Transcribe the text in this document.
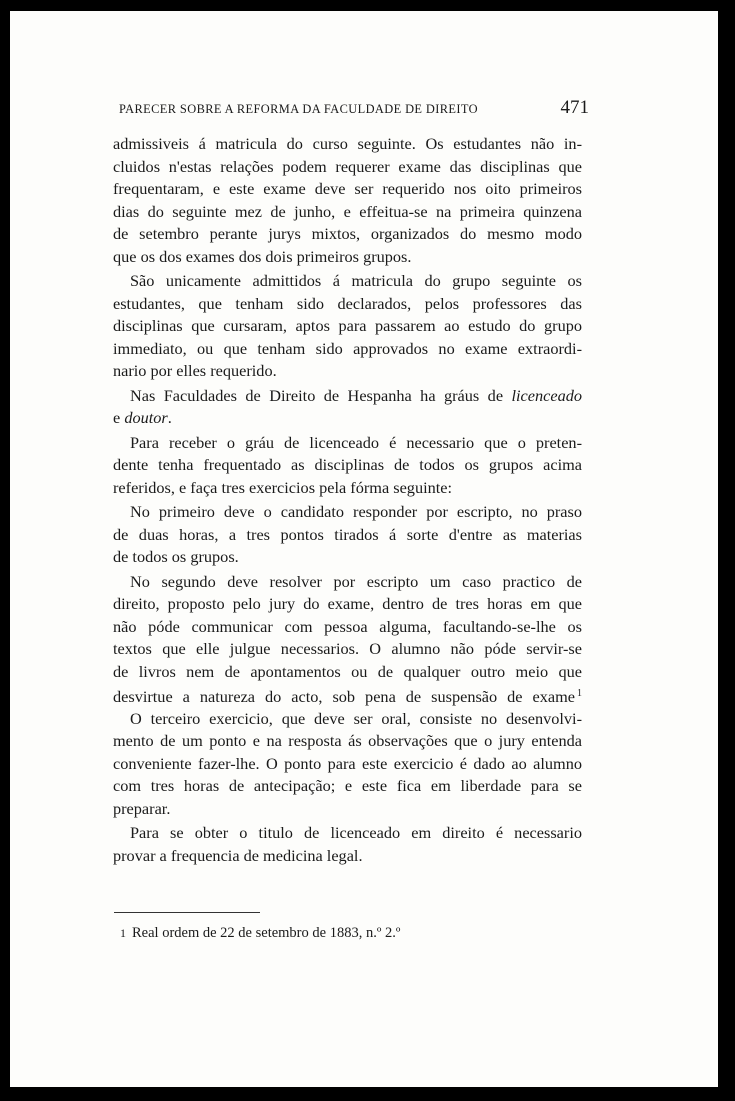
PARECER SOBRE A REFORMA DA FACULDADE DE DIREITO	471
admissiveis á matricula do curso seguinte. Os estudantes não in-
cluidos n'estas relações podem requerer exame das disciplinas que
frequentaram, e este exame deve ser requerido nos oito primeiros
dias do seguinte mez de junho, e effeitua-se na primeira quinzena
de setembro perante jurys mixtos, organizados do mesmo modo
que os dos exames dos dois primeiros grupos.
São unicamente admittidos á matricula do grupo seguinte os
estudantes, que tenham sido declarados, pelos professores das
disciplinas que cursaram, aptos para passarem ao estudo do grupo
immediato, ou que tenham sido approvados no exame extraordi-
nario por elles requerido.
Nas Faculdades de Direito de Hespanha ha gráus de licenceado
e doutor.
Para receber o gráu de licenceado é necessario que o preten-
dente tenha frequentado as disciplinas de todos os grupos acima
referidos, e faça tres exercicios pela fórma seguinte:
No primeiro deve o candidato responder por escripto, no praso
de duas horas, a tres pontos tirados á sorte d'entre as materias
de todos os grupos.
No segundo deve resolver por escripto um caso practico de
direito, proposto pelo jury do exame, dentro de tres horas em que
não póde communicar com pessoa alguma, facultando-se-lhe os
textos que elle julgue necessarios. O alumno não póde servir-se
de livros nem de apontamentos ou de qualquer outro meio que
desvirtue a natureza do acto, sob pena de suspensão de exame $^1$
O terceiro exercicio, que deve ser oral, consiste no desenvolvi-
mento de um ponto e na resposta ás observações que o jury entenda
conveniente fazer-lhe. O ponto para este exercicio é dado ao alumno
com tres horas de antecipação; e este fica em liberdade para se
preparar.
Para se obter o titulo de licenceado em direito é necessario
provar a frequencia de medicina legal.
1 Real ordem de 22 de setembro de 1883, n.º 2.º
